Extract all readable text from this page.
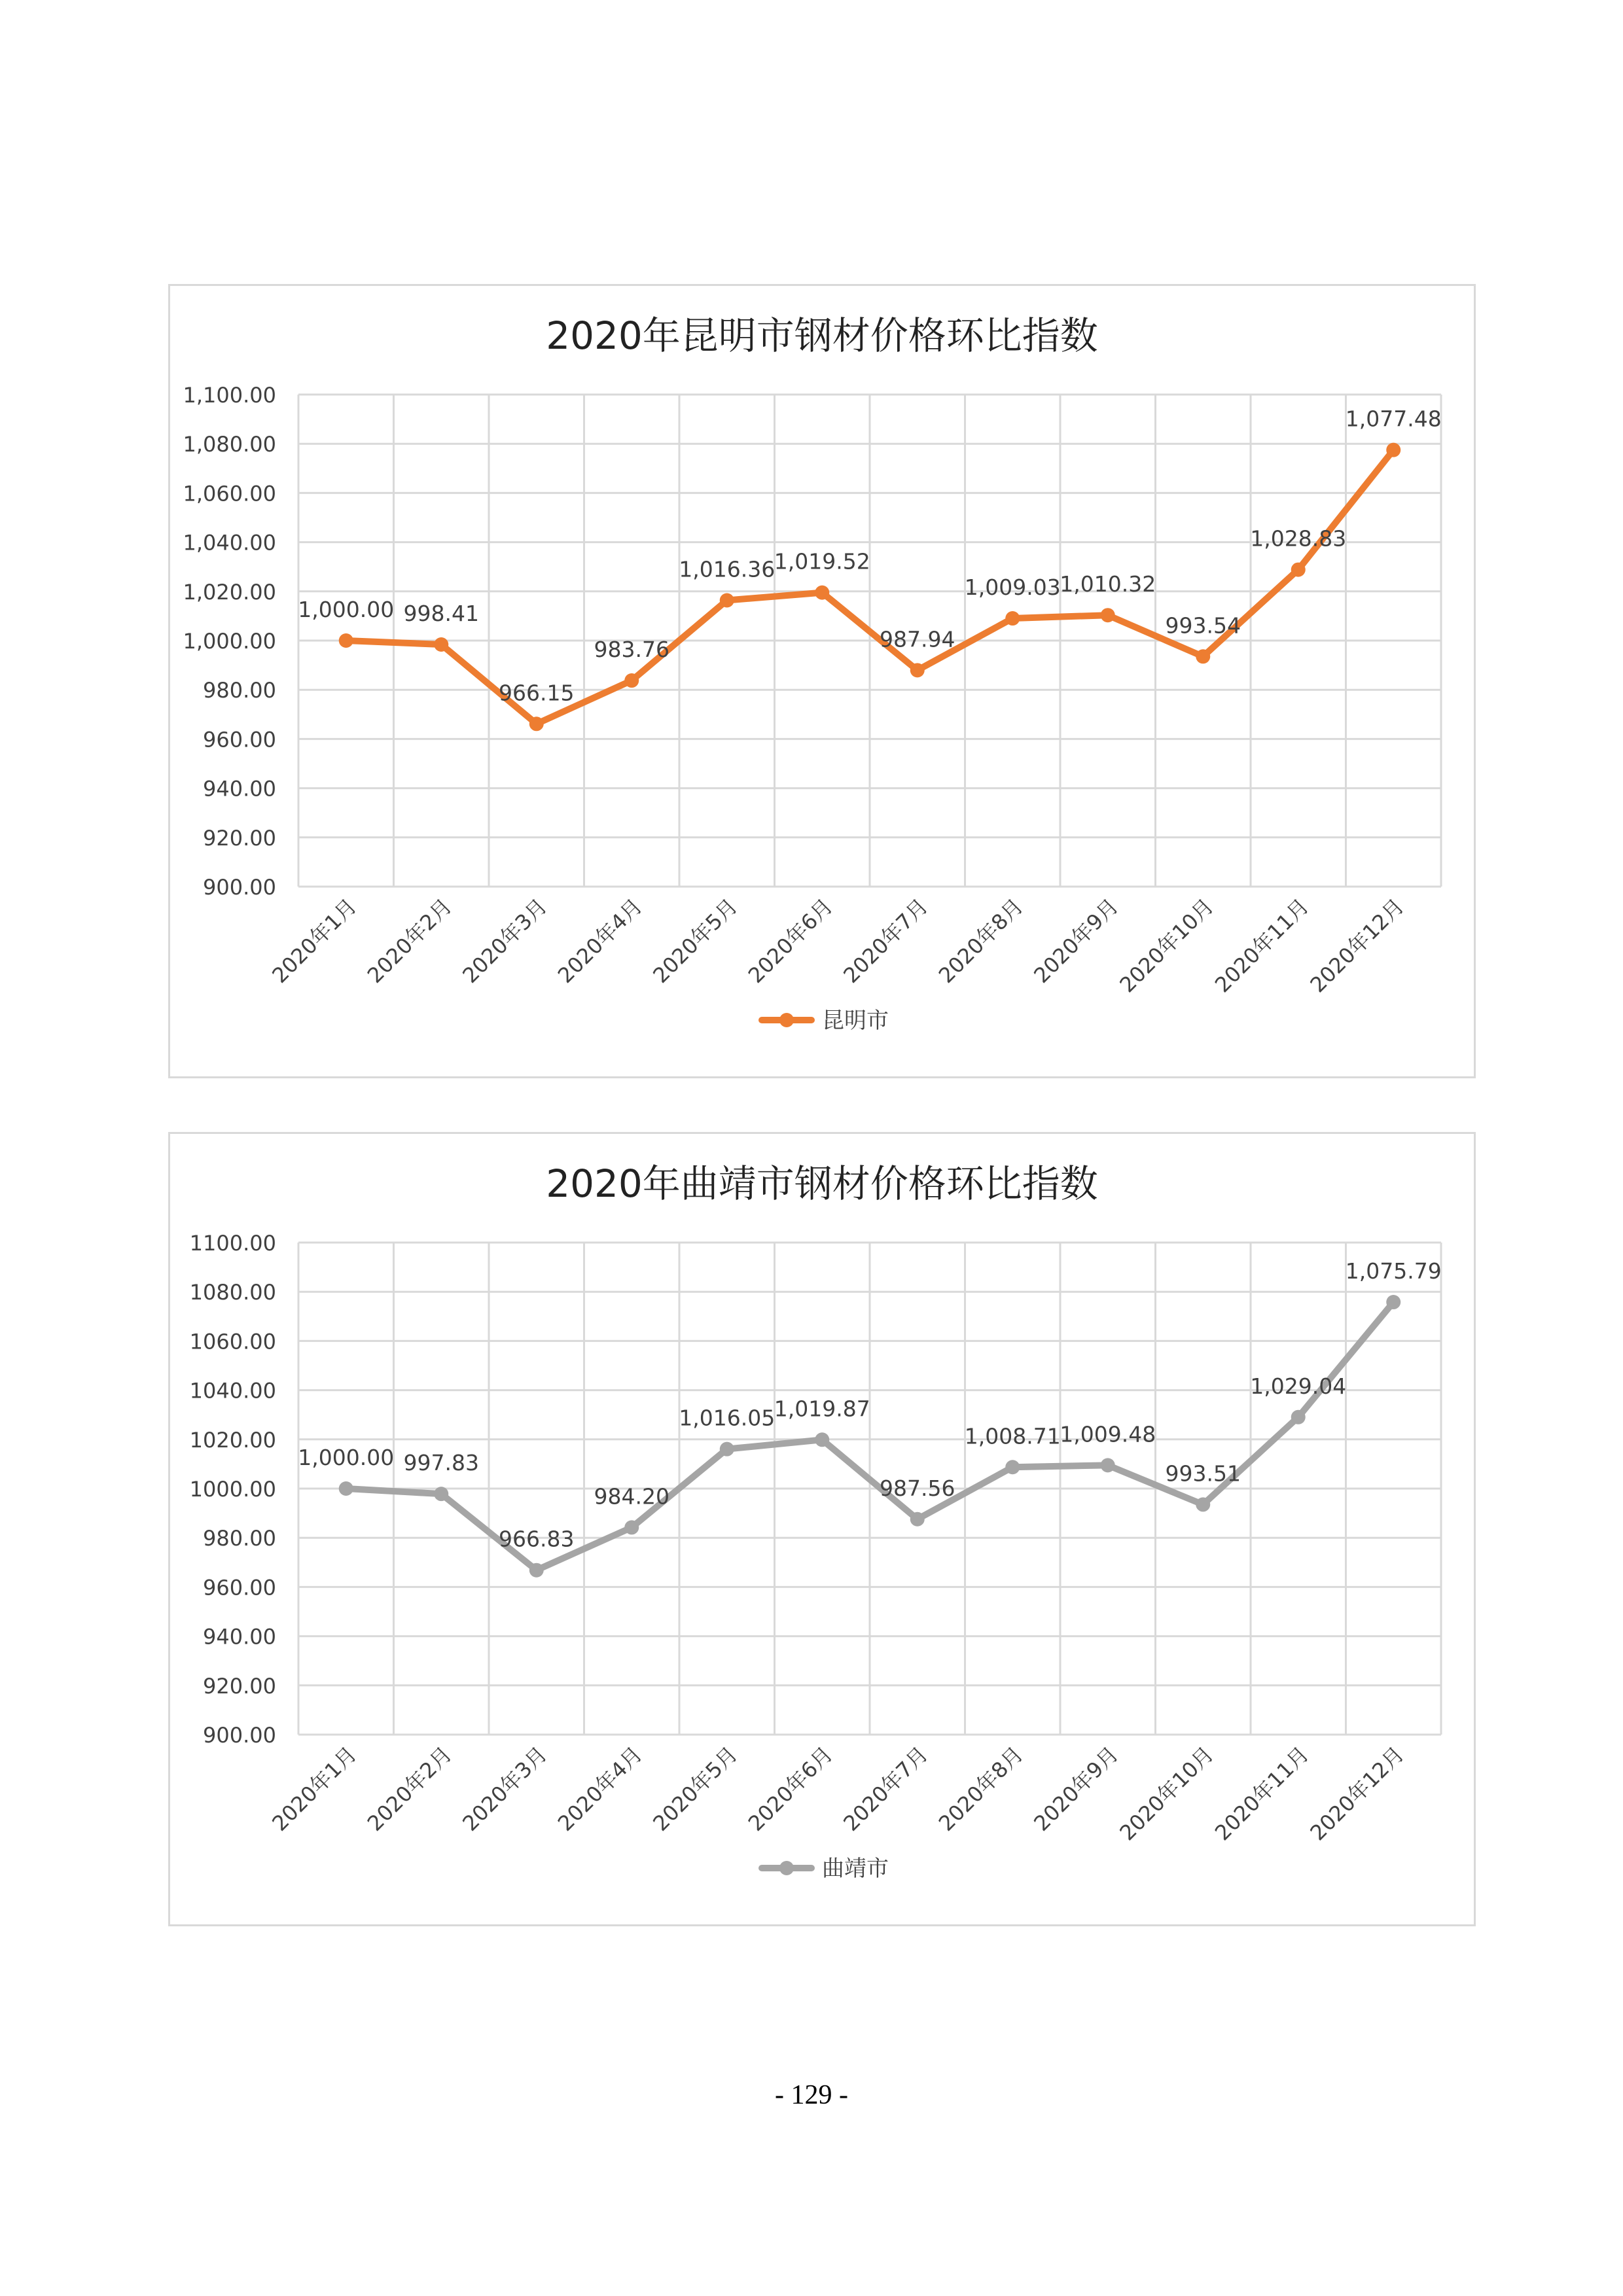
2020年昆明市钢材价格环比指数
900.00
920.00
940.00
960.00
980.00
1,000.00
1,020.00
1,040.00
1,060.00
1,080.00
1,100.00
2020年1月 2020年2月 2020年3月 2020年4月 2020年5月 2020年6月 2020年7月 2020年8月 2020年9月
2020年10月
2020年11月
2020年12月
1,000.00 998.41
966.15
983.76
1,016.36
1,019.52
987.94
1,009.03
1,010.32
993.54
1,028.83
1,077.48
昆明市
2020年曲靖市钢材价格环比指数
900.00
920.00
940.00
960.00
980.00
1000.00
1020.00
1040.00
1060.00
1080.00
1100.00
2020年1月 2020年2月 2020年3月 2020年4月 2020年5月 2020年6月 2020年7月 2020年8月 2020年9月
2020年10月
2020年11月
2020年12月
1,000.00 997.83
966.83
984.20
1,016.05
1,019.87
987.56
1,008.71
1,009.48
993.51
1,029.04
1,075.79
曲靖市
- 129 -
